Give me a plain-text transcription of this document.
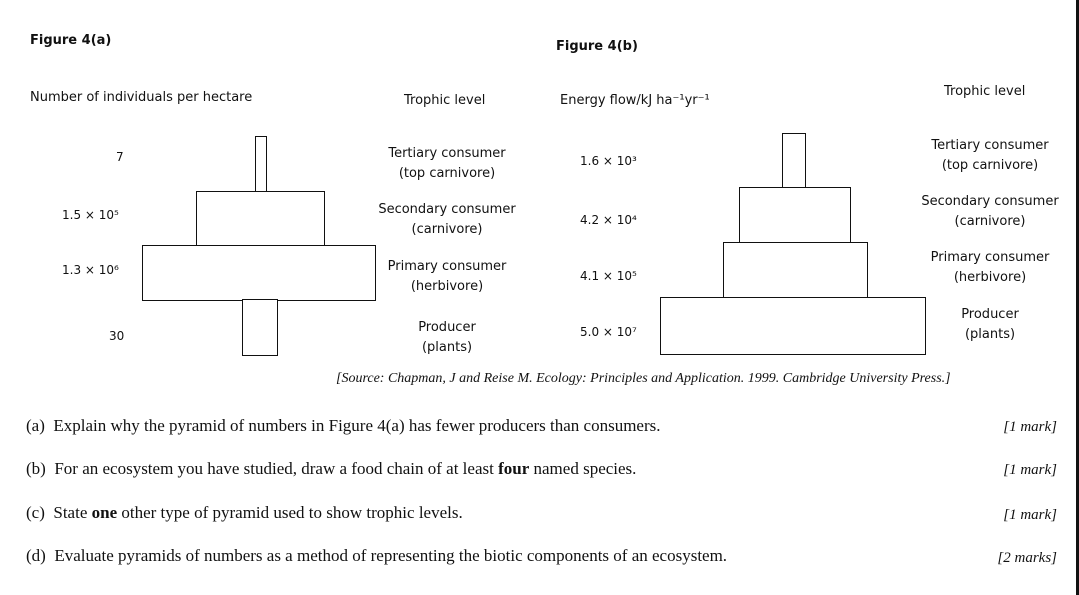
Figure 4(a)
Number of individuals per hectare	Trophic level
7
1.5 × 10⁵
1.3 × 10⁶
30
Tertiary consumer
(top carnivore)
Secondary consumer
(carnivore)
Primary consumer
(herbivore)
Producer
(plants)
Figure 4(b)
Energy flow/kJ ha⁻¹yr⁻¹
Trophic level
1.6 × 10³
4.2 × 10⁴
4.1 × 10⁵
5.0 × 10⁷
Tertiary consumer
(top carnivore)
Secondary consumer
(carnivore)
Primary consumer
(herbivore)
Producer
(plants)
[Source: Chapman, J and Reise M. Ecology: Principles and Application. 1999. Cambridge University Press.]
(a) Explain why the pyramid of numbers in Figure 4(a) has fewer producers than consumers.	[1 mark]
(b) For an ecosystem you have studied, draw a food chain of at least four named species.	[1 mark]
(c) State one other type of pyramid used to show trophic levels.	[1 mark]
(d) Evaluate pyramids of numbers as a method of representing the biotic components of an ecosystem.	[2 marks]
